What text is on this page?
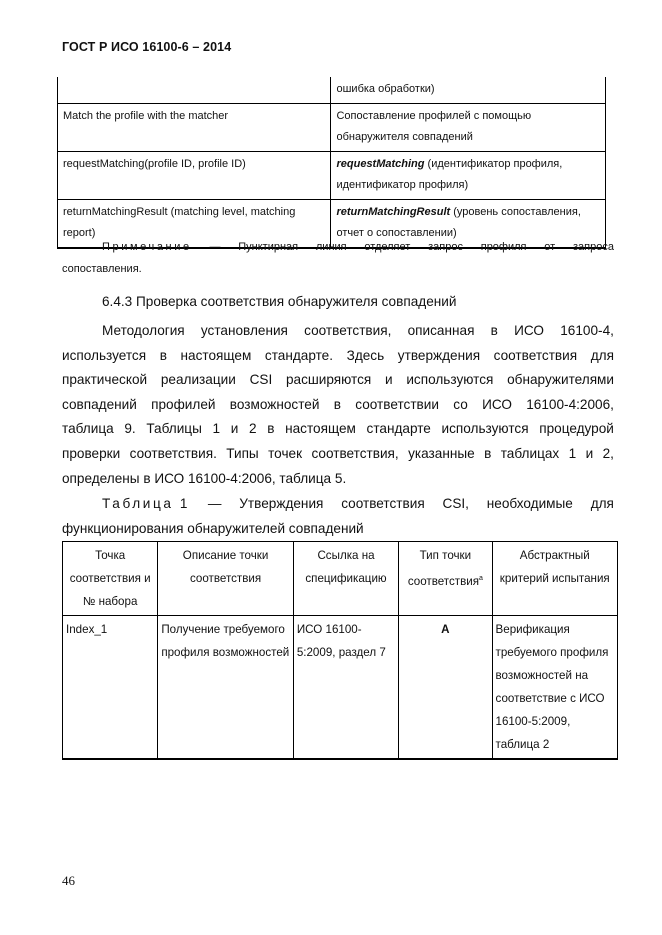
ГОСТ Р ИСО 16100-6 – 2014
	ошибка обработки)
Match the profile with the matcher	Сопоставление профилей с помощью обнаружителя совпадений
requestMatching(profile ID, profile ID)	requestMatching (идентификатор профиля, идентификатор профиля)
returnMatchingResult (matching level, matching report)	returnMatchingResult (уровень сопоставления, отчет о сопоставлении)
Примечание — Пунктирная линия отделяет запрос профиля от запроса
сопоставления.
6.4.3 Проверка соответствия обнаружителя совпадений
Методология установления соответствия, описанная в ИСО 16100-4,
используется в настоящем стандарте. Здесь утверждения соответствия для
практической реализации CSI расширяются и используются обнаружителями
совпадений профилей возможностей в соответствии со ИСО 16100-4:2006,
таблица 9. Таблицы 1 и 2 в настоящем стандарте используются процедурой
проверки соответствия. Типы точек соответствия, указанные в таблицах 1 и 2,
определены в ИСО 16100-4:2006, таблица 5.
Таблица 1 — Утверждения соответствия CSI, необходимые для
функционирования обнаружителей совпадений
Точка соответствия и № набора	Описание точки соответствия	Ссылка на спецификацию	Тип точки соответствия$^а$	Абстрактный критерий испытания
Index_1	Получение требуемого профиля возможностей	ИСО 16100-5:2009, раздел 7	А	Верификация требуемого профиля возможностей на соответствие с ИСО 16100-5:2009, таблица 2
46
